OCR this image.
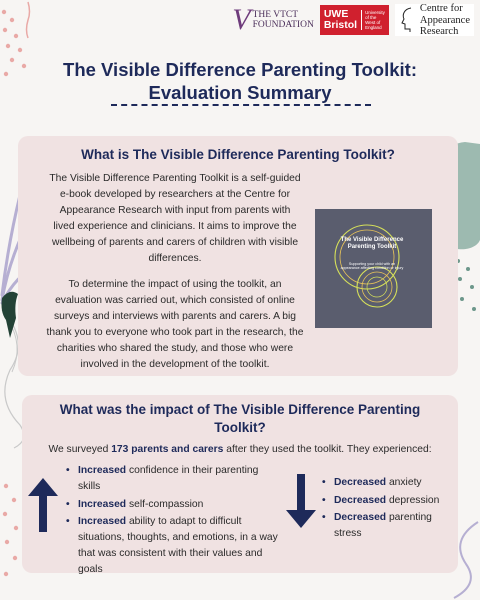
V THE VTCT
FOUNDATION
UWE
Bristol
University
of the
West of
England
Centre for
Appearance
Research
The Visible Difference Parenting Toolkit:
Evaluation Summary
What is The Visible Difference Parenting Toolkit?
The Visible Difference Parenting Toolkit is a self-guided e-book developed by researchers at the Centre for Appearance Research with input from parents with lived experience and clinicians. It aims to improve the wellbeing of parents and carers of children with visible differences.
To determine the impact of using the toolkit, an evaluation was carried out, which consisted of online surveys and interviews with parents and carers. A big thank you to everyone who took part in the research, the charities who shared the study, and those who were involved in the development of the toolkit.
The Visible Difference Parenting Toolkit
Supporting your child with an appearance affecting condition or injury
What was the impact of The Visible Difference Parenting
Toolkit?
We surveyed 173 parents and carers after they used the toolkit. They experienced:
• Increased confidence in their parenting skills
• Increased self-compassion
• Increased ability to adapt to difficult situations, thoughts, and emotions, in a way that was consistent with their values and goals
• Decreased anxiety
• Decreased depression
• Decreased parenting stress
